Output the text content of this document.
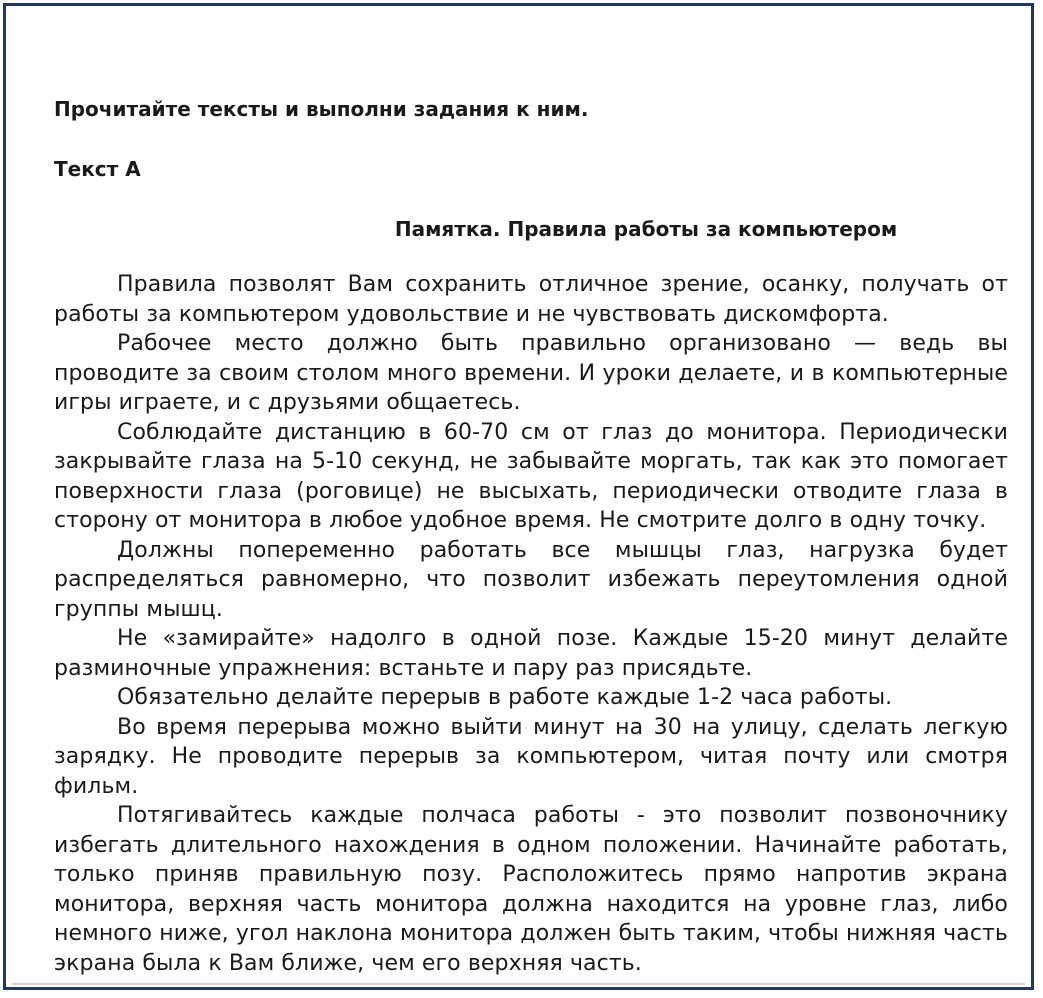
Прочитайте тексты и выполни задания к ним.
Текст А
Памятка. Правила работы за компьютером

Правила позволят Вам сохранить отличное зрение, осанку, получать от работы за компьютером удовольствие и не чувствовать дискомфорта.

Рабочее место должно быть правильно организовано — ведь вы проводите за своим столом много времени. И уроки делаете, и в компьютерные игры играете, и с друзьями общаетесь.

Соблюдайте дистанцию в 60-70 см от глаз до монитора. Периодически закрывайте глаза на 5-10 секунд, не забывайте моргать, так как это помогает поверхности глаза (роговице) не высыхать, периодически отводите глаза в сторону от монитора в любое удобное время. Не смотрите долго в одну точку.

Должны попеременно работать все мышцы глаз, нагрузка будет распределяться равномерно, что позволит избежать переутомления одной группы мышц.

Не «замирайте» надолго в одной позе. Каждые 15-20 минут делайте разминочные упражнения: встаньте и пару раз присядьте.

Обязательно делайте перерыв в работе каждые 1-2 часа работы.

Во время перерыва можно выйти минут на 30 на улицу, сделать легкую зарядку. Не проводите перерыв за компьютером, читая почту или смотря фильм.

Потягивайтесь каждые полчаса работы - это позволит позвоночнику избегать длительного нахождения в одном положении. Начинайте работать, только приняв правильную позу. Расположитесь прямо напротив экрана монитора, верхняя часть монитора должна находится на уровне глаз, либо немного ниже, угол наклона монитора должен быть таким, чтобы нижняя часть экрана была к Вам ближе, чем его верхняя часть.
